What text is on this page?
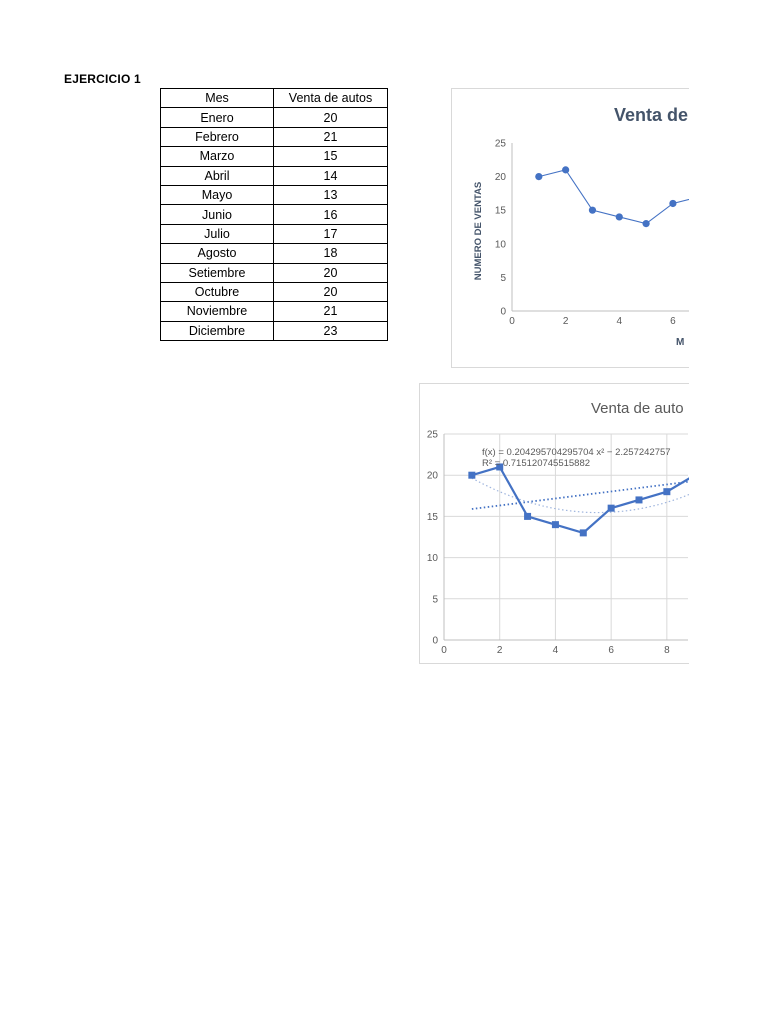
EJERCICIO 1
Mes	Venta de autos
Enero	20
Febrero	21
Marzo	15
Abril	14
Mayo	13
Junio	16
Julio	17
Agosto	18
Setiembre	20
Octubre	20
Noviembre	21
Diciembre	23
0
5
10
15
20
25
0	2	4	6
Venta de
NUMERO DE VENTAS
M
0
5
10
15
20
25
0	2	4	6	8
Venta de auto
f(x) = 0.204295704295704 x² − 2.257242757
R² = 0.715120745515882
